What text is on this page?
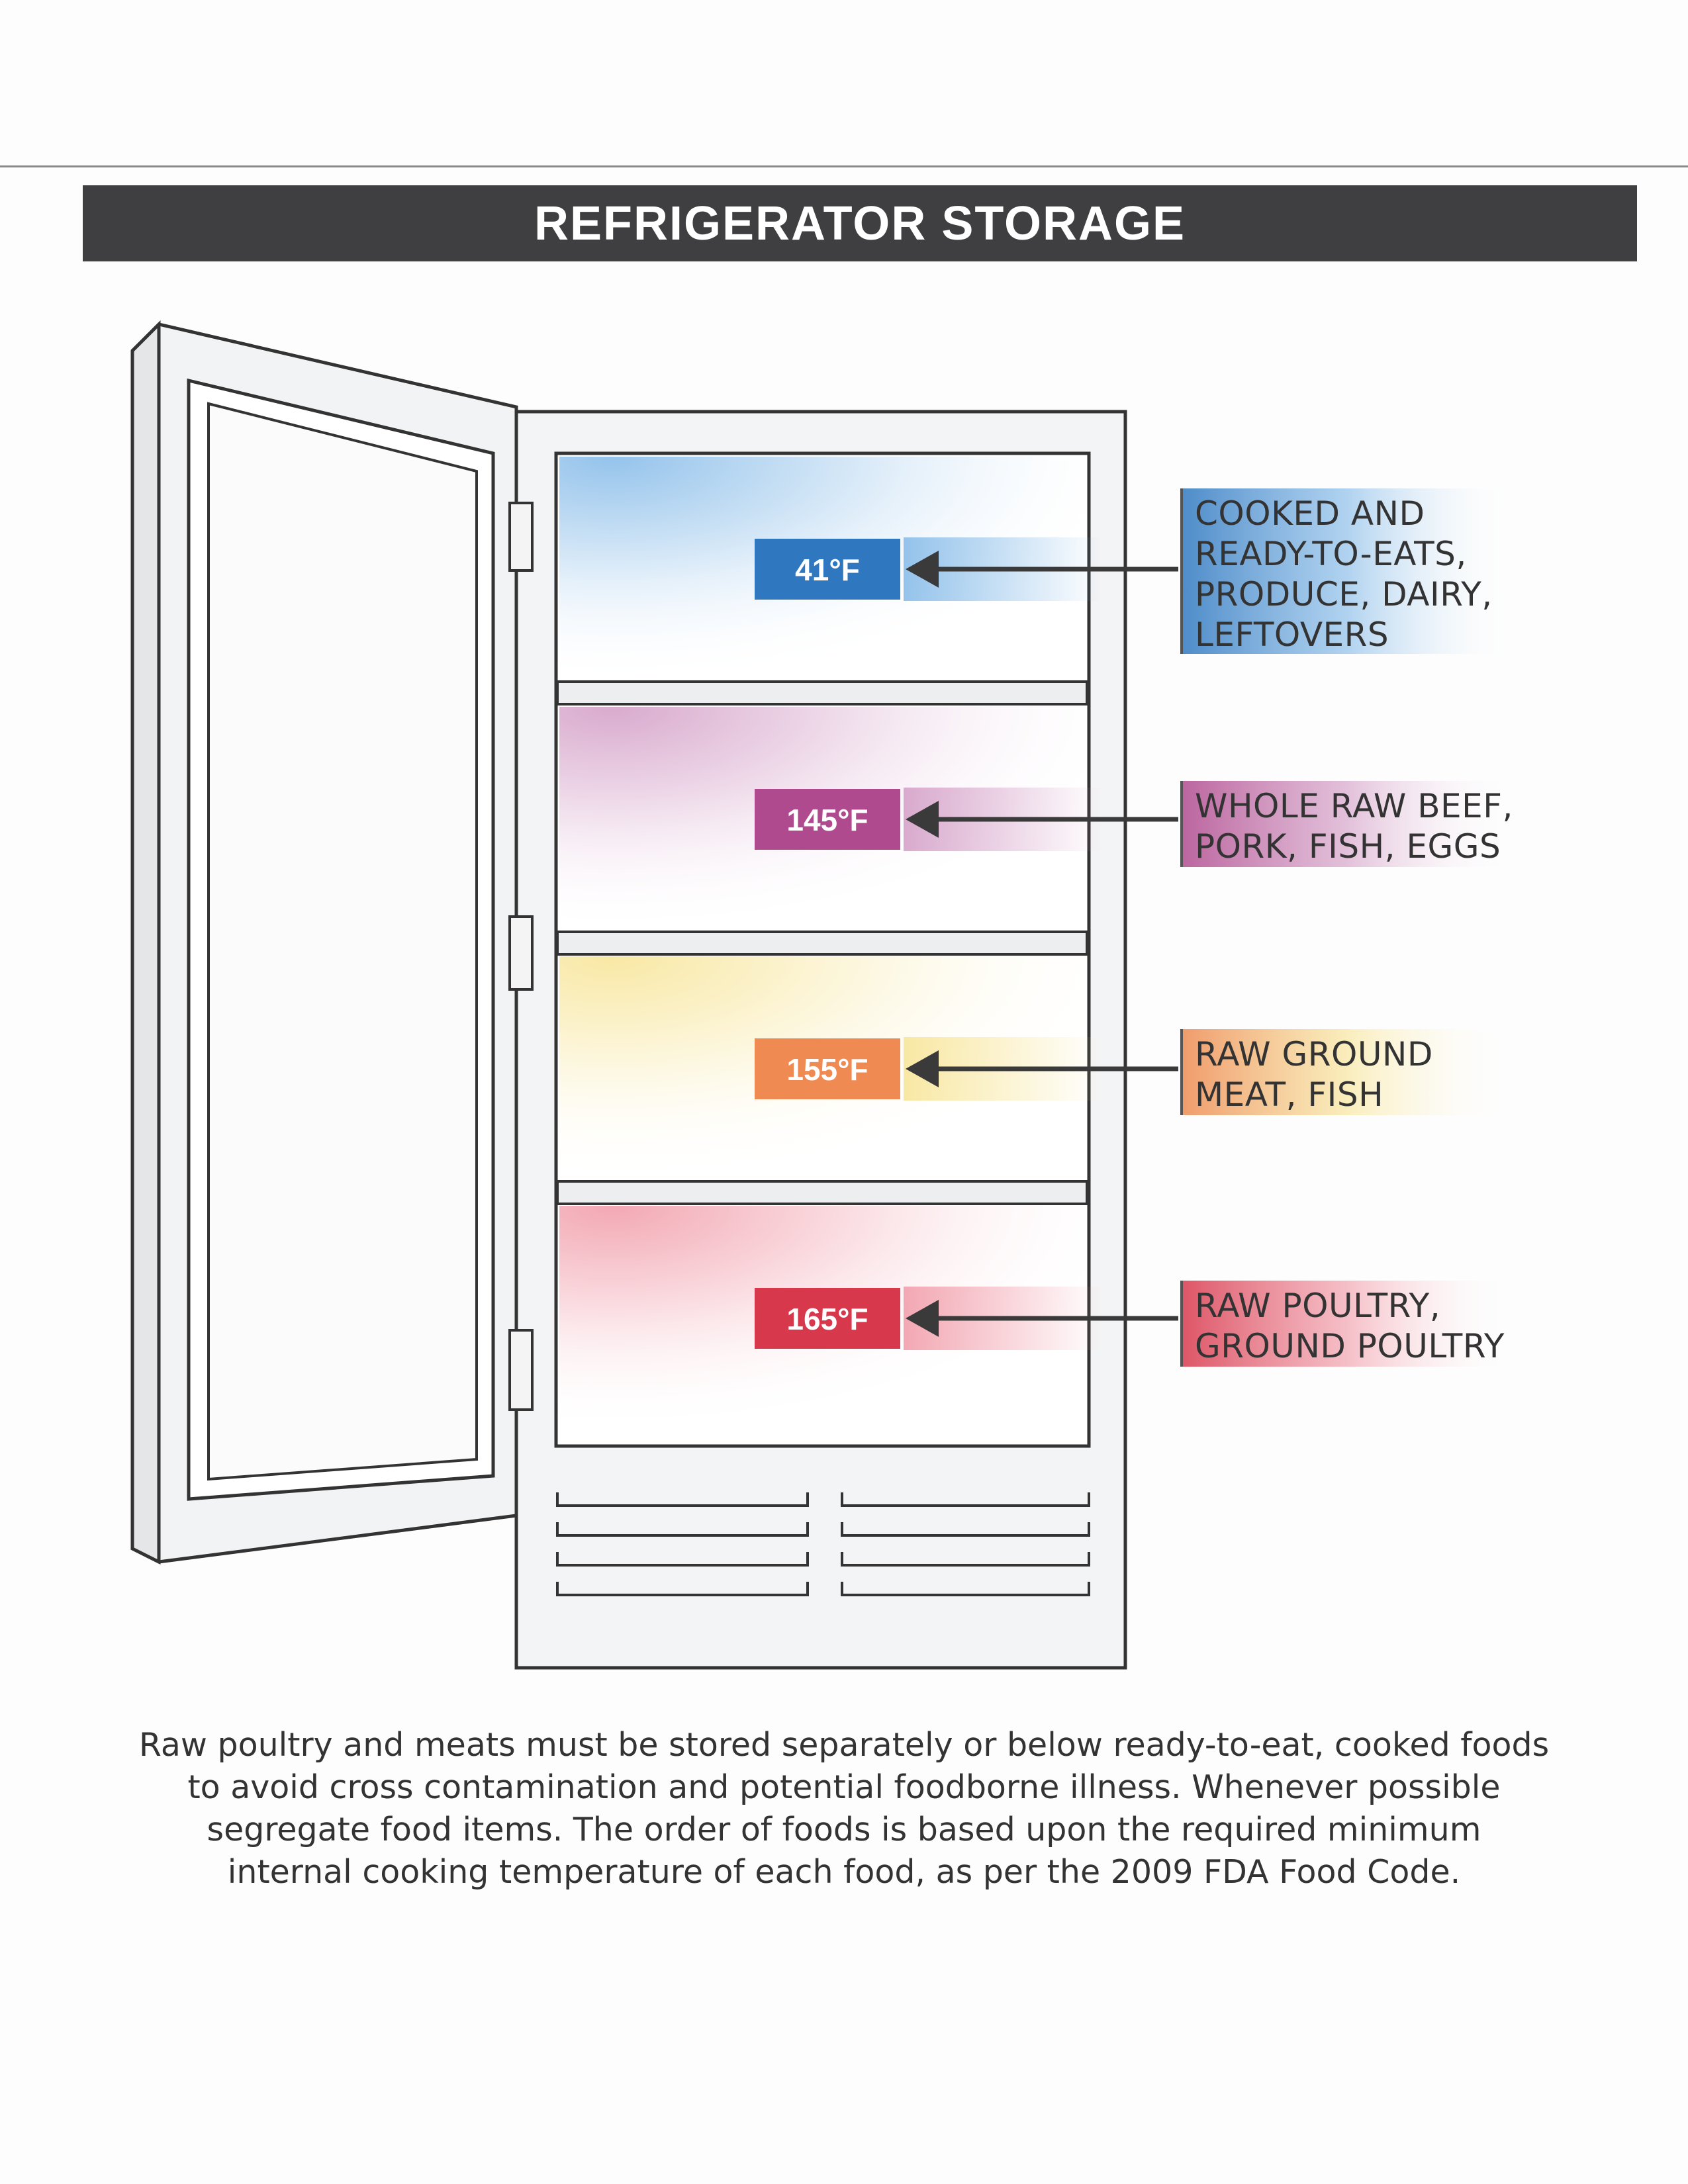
REFRIGERATOR STORAGE
41°F
145°F
155°F
165°F
COOKED AND
READY-TO-EATS,
PRODUCE, DAIRY,
LEFTOVERS
WHOLE RAW BEEF,
PORK, FISH, EGGS
RAW GROUND
MEAT, FISH
RAW POULTRY,
GROUND POULTRY
Raw poultry and meats must be stored separately or below ready-to-eat, cooked foods
to avoid cross contamination and potential foodborne illness. Whenever possible
segregate food items. The order of foods is based upon the required minimum
internal cooking temperature of each food, as per the 2009 FDA Food Code.
